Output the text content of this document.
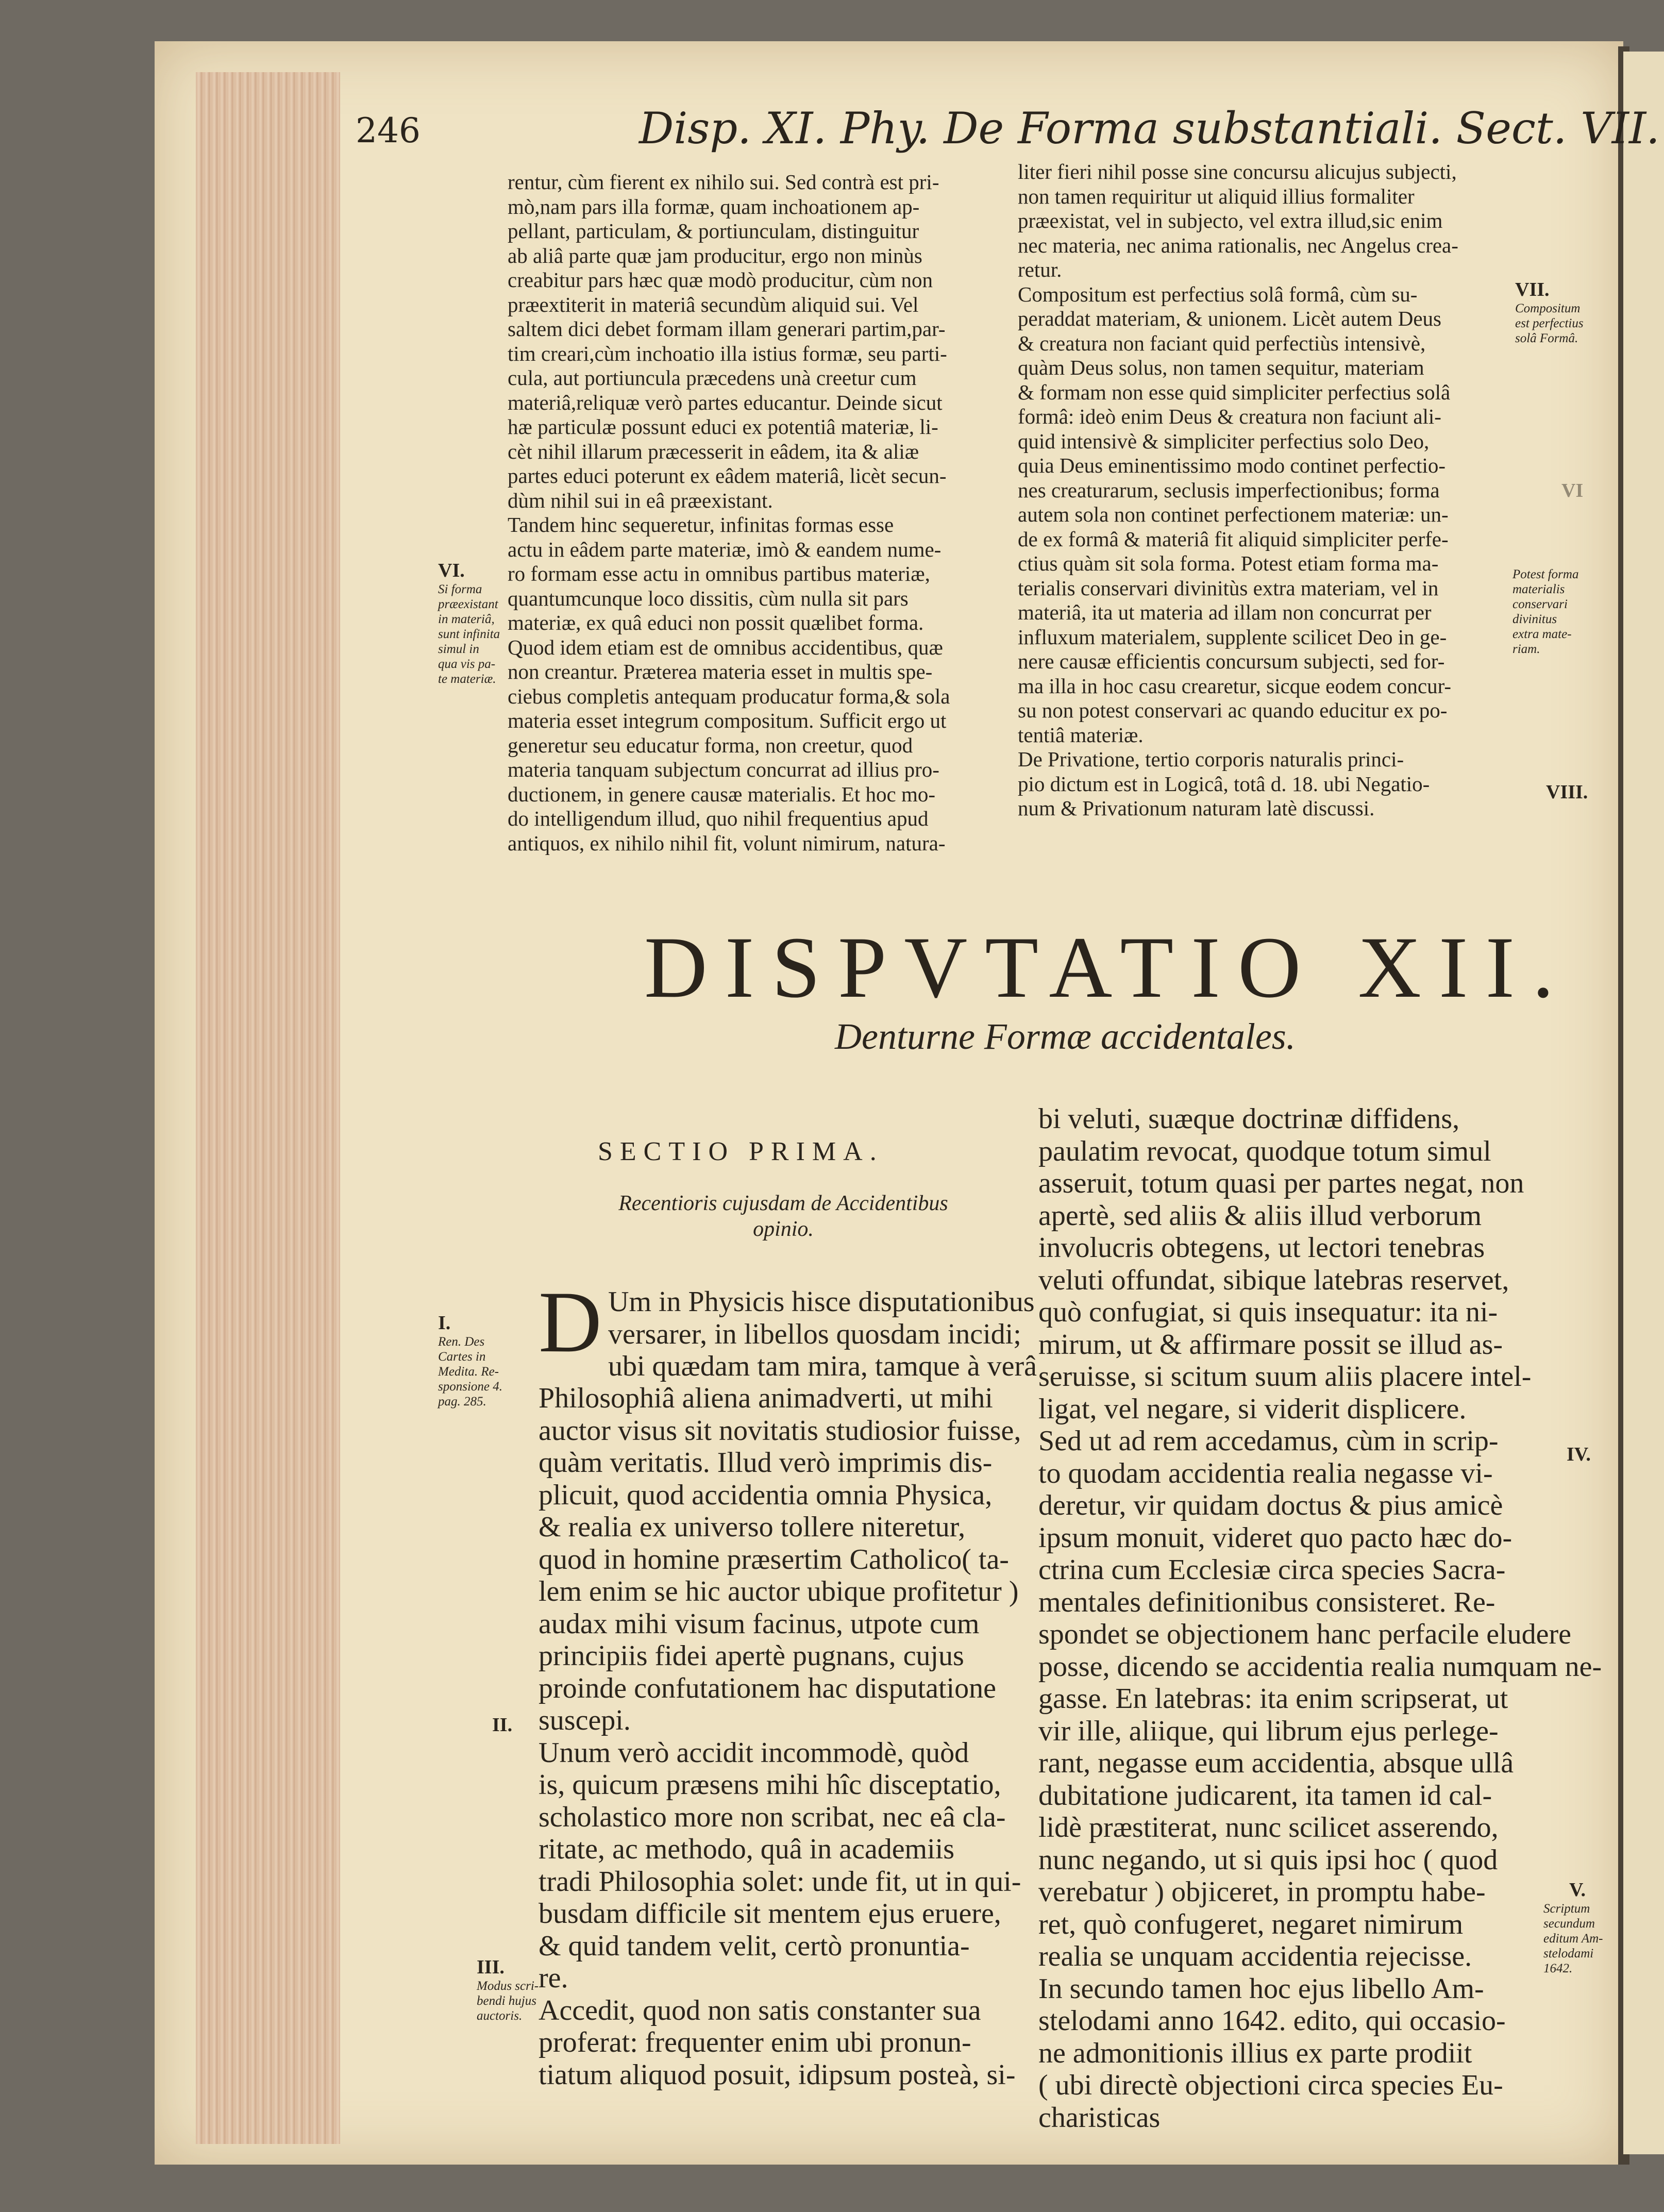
246	Disp. XI. Phy. De Forma substantiali. Sect. VII.
rentur, cùm fierent ex nihilo sui. Sed contrà est pri-
mò,nam pars illa formæ, quam inchoationem ap-
pellant, particulam, & portiunculam, distinguitur
ab aliâ parte quæ jam producitur, ergo non minùs
creabitur pars hæc quæ modò producitur, cùm non
præextiterit in materiâ secundùm aliquid sui. Vel
saltem dici debet formam illam generari partim,par-
tim creari,cùm inchoatio illa istius formæ, seu parti-
cula, aut portiuncula præcedens unà creetur cum
materiâ,reliquæ verò partes educantur. Deinde sicut
hæ particulæ possunt educi ex potentiâ materiæ, li-
cèt nihil illarum præcesserit in eâdem, ita & aliæ
partes educi poterunt ex eâdem materiâ, licèt secun-
dùm nihil sui in eâ præexistant.
Tandem hinc sequeretur, infinitas formas esse
actu in eâdem parte materiæ, imò & eandem nume-
ro formam esse actu in omnibus partibus materiæ,
quantumcunque loco dissitis, cùm nulla sit pars
materiæ, ex quâ educi non possit quælibet forma.
Quod idem etiam est de omnibus accidentibus, quæ
non creantur. Præterea materia esset in multis spe-
ciebus completis antequam producatur forma,& sola
materia esset integrum compositum. Sufficit ergo ut
generetur seu educatur forma, non creetur, quod
materia tanquam subjectum concurrat ad illius pro-
ductionem, in genere causæ materialis. Et hoc mo-
do intelligendum illud, quo nihil frequentius apud
antiquos, ex nihilo nihil fit, volunt nimirum, natura-
liter fieri nihil posse sine concursu alicujus subjecti,
non tamen requiritur ut aliquid illius formaliter
præexistat, vel in subjecto, vel extra illud,sic enim
nec materia, nec anima rationalis, nec Angelus crea-
retur.
Compositum est perfectius solâ formâ, cùm su-
peraddat materiam, & unionem. Licèt autem Deus
& creatura non faciant quid perfectiùs intensivè,
quàm Deus solus, non tamen sequitur, materiam
& formam non esse quid simpliciter perfectius solâ
formâ: ideò enim Deus & creatura non faciunt ali-
quid intensivè & simpliciter perfectius solo Deo,
quia Deus eminentissimo modo continet perfectio-
nes creaturarum, seclusis imperfectionibus; forma
autem sola non continet perfectionem materiæ: un-
de ex formâ & materiâ fit aliquid simpliciter perfe-
ctius quàm sit sola forma. Potest etiam forma ma-
terialis conservari divinitùs extra materiam, vel in
materiâ, ita ut materia ad illam non concurrat per
influxum materialem, supplente scilicet Deo in ge-
nere causæ efficientis concursum subjecti, sed for-
ma illa in hoc casu crearetur, sicque eodem concur-
su non potest conservari ac quando educitur ex po-
tentiâ materiæ.
De Privatione, tertio corporis naturalis princi-
pio dictum est in Logicâ, totâ d. 18. ubi Negatio-
num & Privationum naturam latè discussi.
VI.
Si forma
præexistant
in materiâ,
sunt infinita
simul in
qua vis pa-
te materiæ.
VII.
Compositum
est perfectius
solâ Formâ.
VI
Potest forma
materialis
conservari
divinitus
extra mate-
riam.
VIII.
DISPVTATIO XII.
Denturne Formæ accidentales.
SECTIO PRIMA.
Recentioris cujusdam de Accidentibus
opinio.
D Um in Physicis hisce disputationibus
versarer, in libellos quosdam incidi;
ubi quædam tam mira, tamque à verâ
Philosophiâ aliena animadverti, ut mihi
auctor visus sit novitatis studiosior fuisse,
quàm veritatis. Illud verò imprimis dis-
plicuit, quod accidentia omnia Physica,
& realia ex universo tollere niteretur,
quod in homine præsertim Catholico( ta-
lem enim se hic auctor ubique profitetur )
audax mihi visum facinus, utpote cum
principiis fidei apertè pugnans, cujus
proinde confutationem hac disputatione
suscepi.
Unum verò accidit incommodè, quòd
is, quicum præsens mihi hîc disceptatio,
scholastico more non scribat, nec eâ cla-
ritate, ac methodo, quâ in academiis
tradi Philosophia solet: unde fit, ut in qui-
busdam difficile sit mentem ejus eruere,
& quid tandem velit, certò pronuntia-
re.
Accedit, quod non satis constanter sua
proferat: frequenter enim ubi pronun-
tiatum aliquod posuit, idipsum posteà, si-
bi veluti, suæque doctrinæ diffidens,
paulatim revocat, quodque totum simul
asseruit, totum quasi per partes negat, non
apertè, sed aliis & aliis illud verborum
involucris obtegens, ut lectori tenebras
veluti offundat, sibique latebras reservet,
quò confugiat, si quis insequatur: ita ni-
mirum, ut & affirmare possit se illud as-
seruisse, si scitum suum aliis placere intel-
ligat, vel negare, si viderit displicere.
Sed ut ad rem accedamus, cùm in scrip-
to quodam accidentia realia negasse vi-
deretur, vir quidam doctus & pius amicè
ipsum monuit, videret quo pacto hæc do-
ctrina cum Ecclesiæ circa species Sacra-
mentales definitionibus consisteret. Re-
spondet se objectionem hanc perfacile eludere
posse, dicendo se accidentia realia numquam ne-
gasse. En latebras: ita enim scripserat, ut
vir ille, aliique, qui librum ejus perlege-
rant, negasse eum accidentia, absque ullâ
dubitatione judicarent, ita tamen id cal-
lidè præstiterat, nunc scilicet asserendo,
nunc negando, ut si quis ipsi hoc ( quod
verebatur ) objiceret, in promptu habe-
ret, quò confugeret, negaret nimirum
realia se unquam accidentia rejecisse.
In secundo tamen hoc ejus libello Am-
stelodami anno 1642. edito, qui occasio-
ne admonitionis illius ex parte prodiit
( ubi directè objectioni circa species Eu-
charisticas
I.
Ren. Des
Cartes in
Medita. Re-
sponsione 4.
pag. 285.
II.
III.
Modus scri-
bendi hujus
auctoris.
IV.
V.
Scriptum
secundum
editum Am-
stelodami
1642.
